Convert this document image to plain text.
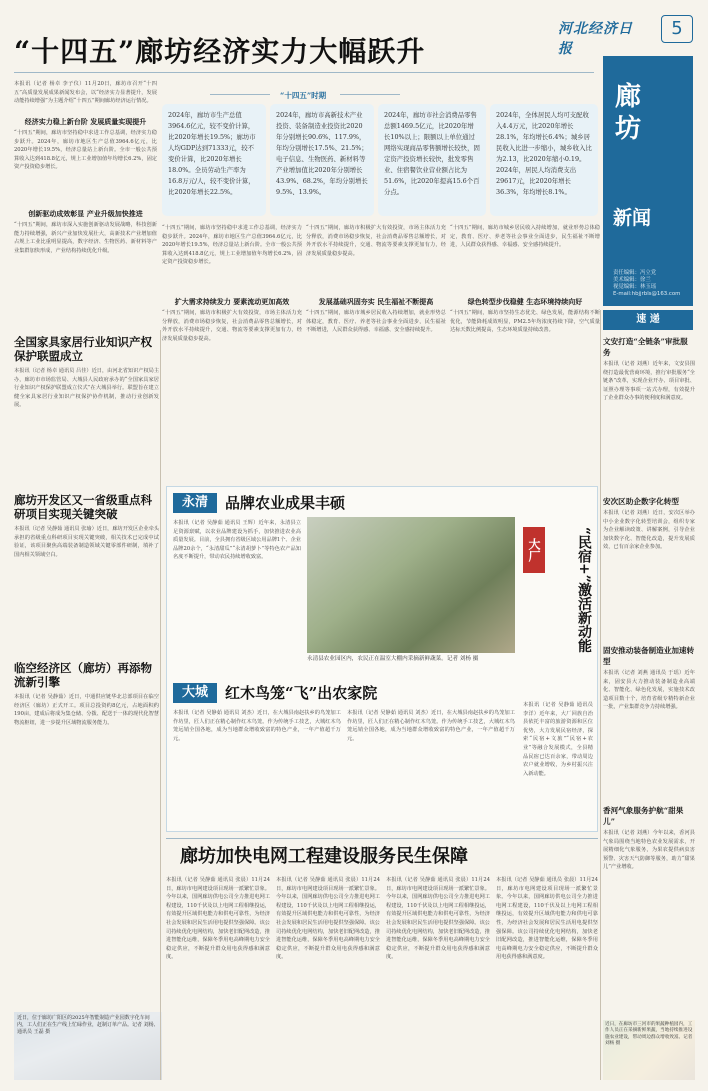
河北经济日报
5
廊
坊
新闻
责任编辑：冯立党
美术编辑：徐兰
视觉编辑：林玉瑶
E-mail:hbjjrbls@163.com
“十四五”廊坊经济实力大幅跃升
本报讯（记者 杨卓 李子仪）11月20日，廊坊市召开“十四五”高质量发展成果新闻发布会，以“经济实力显著提升，发展动能持续增强”为主题介绍“十四五”期间廊坊经济运行情况。
经济实力稳上新台阶 发展质量实现提升
“十四五”期间，廊坊市坚持稳中求进工作总基调，经济实力稳步跃升。2024年，廊坊市地区生产总值3964.6亿元，比2020年增长19.5%，经济总量站上新台阶。全市一般公共预算收入达到418.8亿元，规上工业增加值年均增长6.2%，固定资产投资稳步增长。
创新驱动成效彰显 产业升级加快推进
“十四五”期间，廊坊市深入实施创新驱动发展战略，科技创新能力持续增强，新兴产业加快发展壮大，高新技术产业增加值占规上工业比重明显提高，数字经济、生物医药、新材料等产业集群加快形成，产业结构持续优化升级。
“十四五”时期
2024年，廊坊市生产总值3964.6亿元，较不变价计算，比2020年增长19.5%；廊坊市人均GDP达到71333元，较不变价计算，比2020年增长18.0%。全员劳动生产率为16.8万元/人，较不变价计算，比2020年增长22.5%。
2024年，廊坊市高新技术产业投资、装备制造业投资比2020年分别增长90.6%、117.9%，年均分别增长17.5%、21.5%；电子信息、生物医药、新材料等产业增加值比2020年分别增长43.9%、68.2%，年均分别增长9.5%、13.9%。
2024年，廊坊市社会消费品零售总额1469.5亿元，比2020年增长10%以上；限额以上单位通过网络实现商品零售额增长较快，固定资产投资增长较快，批发零售业、住宿餐饮业营业额占比为51.6%，比2020年提高15.6个百分点。
2024年，全体居民人均可支配收入4.4万元，比2020年增长28.1%，年均增长6.4%；城乡居民收入比进一步缩小，城乡收入比为2.13，比2020年缩小0.19。2024年，居民人均消费支出29617元，比2020年增长36.3%，年均增长8.1%。
“十四五”期间，廊坊市坚持稳中求进工作总基调，经济实力稳步跃升。2024年，廊坊市地区生产总值3964.6亿元，比2020年增长19.5%，经济总量站上新台阶。全市一般公共预算收入达到418.8亿元，规上工业增加值年均增长6.2%，固定资产投资稳步增长。
扩大需求持续发力 要素流动更加高效
“十四五”期间，廊坊市积极扩大有效投资，市场主体活力充分释放，消费市场稳步恢复，社会消费品零售总额增长，对外开放水平持续提升，交通、物流等要素支撑更加有力，经济发展质量稳步提高。
“十四五”期间，廊坊市积极扩大有效投资，市场主体活力充分释放，消费市场稳步恢复，社会消费品零售总额增长，对外开放水平持续提升，交通、物流等要素支撑更加有力，经济发展质量稳步提高。
发展基础巩固夯实 民生福祉不断提高
“十四五”期间，廊坊市城乡居民收入持续增加，就业形势总体稳定，教育、医疗、养老等社会事业全面进步，民生福祉不断增进，人民群众获得感、幸福感、安全感持续提升。
“十四五”期间，廊坊市城乡居民收入持续增加，就业形势总体稳定，教育、医疗、养老等社会事业全面进步，民生福祉不断增进，人民群众获得感、幸福感、安全感持续提升。
绿色转型步伐稳健 生态环境持续向好
“十四五”期间，廊坊市坚持生态优先、绿色发展，能源结构不断优化，节能降耗成效明显，PM2.5年均浓度持续下降，空气质量达标天数比例提高，生态环境质量持续改善。
速 递
文安打造“全链条”审批服务
本报讯（记者 刘燕）近年来，文安县围绕打造最优营商环境，推行审批服务“全链条”改革，实现企业开办、项目审批、证照办理等事项一站式办理，有效提升了企业群众办事的便利度和满意度。
安次区助企数字化转型
本报讯（记者 刘燕）近日，安次区举办中小企业数字化转型培训会，组织专家为企业解读政策、讲解案例，引导企业加快数字化、智能化改造，提升发展质效，已有百余家企业参加。
固安推动装备制造业加速转型
本报讯（记者 刘燕 通讯员 于瑶）近年来，固安县大力推动装备制造业高端化、智能化、绿色化发展，实施技术改造项目数十个，培育省级专精特新企业一批，产业集群竞争力持续增强。
香河气象服务护航“甜果儿”
本报讯（记者 刘燕）今年以来，香河县气象局围绕当地特色农业发展需求，开展精细化气象服务，为果农提供病虫害预警、灾害天气防御等服务，助力“甜果儿”产业增收。
近日，在廊坊市三河市的果蔬种植园内，工作人员正在采摘新鲜果蔬，当地持续推进设施农业建设，带动周边群众增收致富。记者 刘杨 摄
全国家具家居行业知识产权保护联盟成立
本报讯（记者 杨卓 通讯员 吕佳）近日，由河北省知识产权局主办，廊坊市市场监管局、大城县人民政府承办的“全国家具家居行业知识产权保护联盟成立仪式”在大城县举行。联盟旨在建立健全家具家居行业知识产权保护协作机制，推动行业创新发展。
廊坊开发区又一省级重点科研项目实现关键突破
本报讯（记者 吴静茹 通讯员 张瑜）近日，廊坊开发区企业牵头承担的省级重点科研项目实现关键突破，相关技术已完成中试验证，该项目聚焦高端装备制造领域关键零部件研制，填补了国内相关领域空白。
临空经济区（廊坊）再添物流新引擎
本报讯（记者 吴静茹）近日，中通供应链华北总部项目在临空经济区（廊坊）正式开工。项目总投资约8亿元，占地面积约190亩，建成后将成为集仓储、分拨、配送于一体的现代化智慧物流枢纽，进一步提升区域物流服务能力。
近日，位于廊坊广阳区的2025年智能制造产业园数字化车间内，工人们正在生产线上忙碌作业，赶制订单产品。记者 刘杨、通讯员 王磊 摄
永清	品牌农业成果丰硕
本报讯（记者 吴静茹 通讯员 王辉）近年来，永清县立足资源禀赋，以农业品牌建设为抓手，加快推进农业高质量发展。目前，全县拥有省级区域公用品牌1个、企业品牌20余个，“永清甜瓜”“永清胡萝卜”等特色农产品知名度不断提升，带动农民持续增收致富。
永清县农业园区内，农民正在温室大棚内采摘新鲜蔬菜。记者 刘杨 摄
大城	红木鸟笼“飞”出农家院
本报讯（记者 吴静茹 通讯员 刘杰）近日，在大城县南赵扶乡的鸟笼加工作坊里，匠人们正在精心制作红木鸟笼。作为传统手工技艺，大城红木鸟笼远销全国各地，成为当地群众增收致富的特色产业，一年产值超千万元。
本报讯（记者 吴静茹 通讯员 刘杰）近日，在大城县南赵扶乡的鸟笼加工作坊里，匠人们正在精心制作红木鸟笼。作为传统手工技艺，大城红木鸟笼远销全国各地，成为当地群众增收致富的特色产业，一年产值超千万元。
大厂	“民宿+”激活新动能
本报讯（记者 吴静茹 通讯员 李洋）近年来，大厂回族自治县依托丰富的旅游资源和区位优势，大力发展民宿经济，探索“民宿+文旅”“民宿+农业”等融合发展模式，全县精品民宿已达百余家，带动周边农户就业增收，为乡村振兴注入新动能。
廊坊加快电网工程建设服务民生保障
本报讯（记者 吴静茹 通讯员 张晨）11月24日，廊坊市电网建设项目现场一派繁忙景象。今年以来，国网廊坊供电公司全力推进电网工程建设，110千伏及以上电网工程相继投运，有效提升区域供电能力和供电可靠性，为经济社会发展和居民生活用电提供坚强保障。该公司持续优化电网结构，加快老旧配网改造，推进智能化运维，保障冬季用电高峰期电力安全稳定供应，不断提升群众用电获得感和满意度。
本报讯（记者 吴静茹 通讯员 张晨）11月24日，廊坊市电网建设项目现场一派繁忙景象。今年以来，国网廊坊供电公司全力推进电网工程建设，110千伏及以上电网工程相继投运，有效提升区域供电能力和供电可靠性，为经济社会发展和居民生活用电提供坚强保障。该公司持续优化电网结构，加快老旧配网改造，推进智能化运维，保障冬季用电高峰期电力安全稳定供应，不断提升群众用电获得感和满意度。
本报讯（记者 吴静茹 通讯员 张晨）11月24日，廊坊市电网建设项目现场一派繁忙景象。今年以来，国网廊坊供电公司全力推进电网工程建设，110千伏及以上电网工程相继投运，有效提升区域供电能力和供电可靠性，为经济社会发展和居民生活用电提供坚强保障。该公司持续优化电网结构，加快老旧配网改造，推进智能化运维，保障冬季用电高峰期电力安全稳定供应，不断提升群众用电获得感和满意度。
本报讯（记者 吴静茹 通讯员 张晨）11月24日，廊坊市电网建设项目现场一派繁忙景象。今年以来，国网廊坊供电公司全力推进电网工程建设，110千伏及以上电网工程相继投运，有效提升区域供电能力和供电可靠性，为经济社会发展和居民生活用电提供坚强保障。该公司持续优化电网结构，加快老旧配网改造，推进智能化运维，保障冬季用电高峰期电力安全稳定供应，不断提升群众用电获得感和满意度。
